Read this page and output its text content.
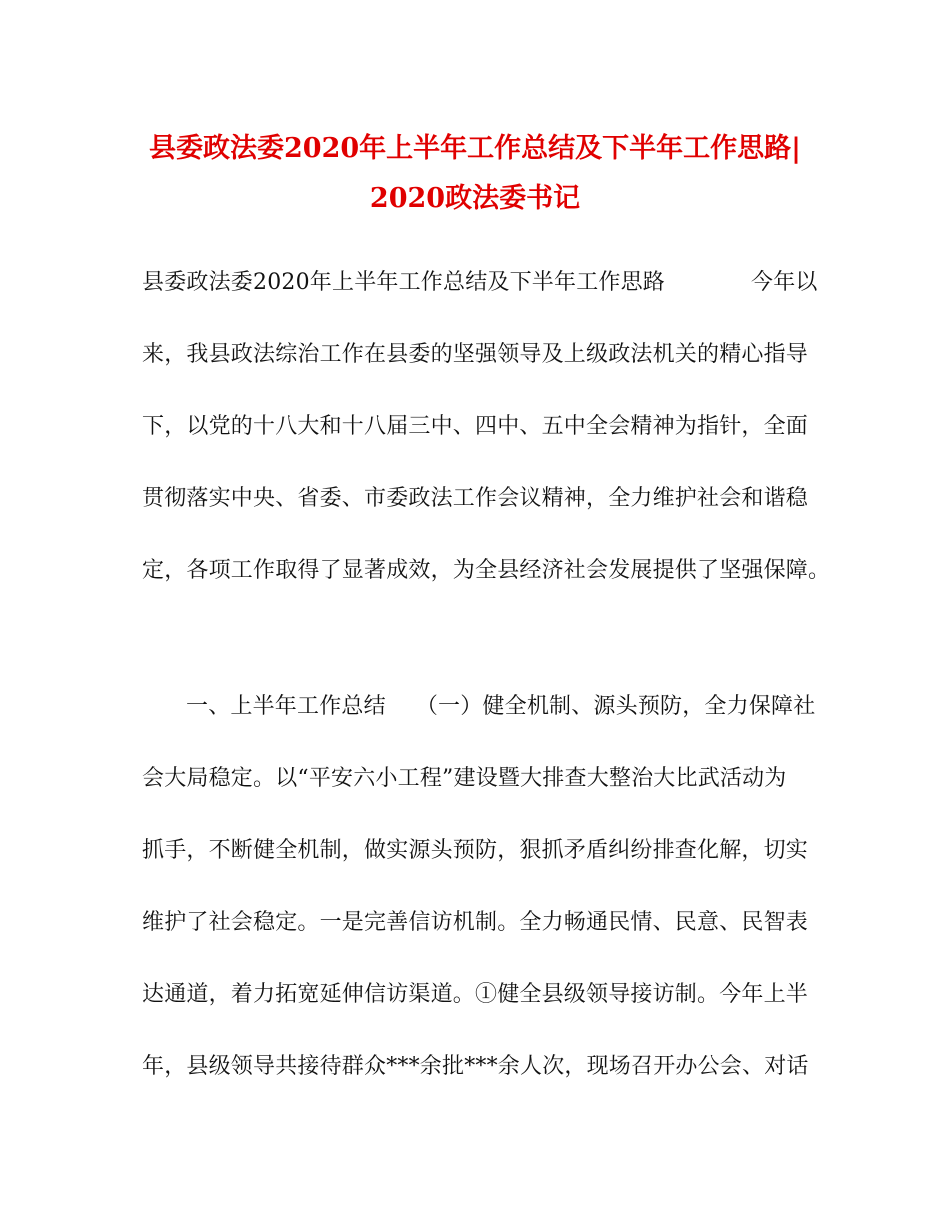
县委政法委2020年上半年工作总结及下半年工作思路|
2020政法委书记
县委政法委2020年上半年工作总结及下半年工作思路	今年以
来，我县政法综治工作在县委的坚强领导及上级政法机关的精心指导
下，以党的十八大和十八届三中、四中、五中全会精神为指针，全面
贯彻落实中央、省委、市委政法工作会议精神，全力维护社会和谐稳
定，各项工作取得了显著成效，为全县经济社会发展提供了坚强保障。
一、上半年工作总结 （一）健全机制、源头预防，全力保障社
会大局稳定。以“平安六小工程”建设暨大排查大整治大比武活动为
抓手，不断健全机制，做实源头预防，狠抓矛盾纠纷排查化解，切实
维护了社会稳定。一是完善信访机制。全力畅通民情、民意、民智表
达通道，着力拓宽延伸信访渠道。①健全县级领导接访制。今年上半
年，县级领导共接待群众***余批***余人次，现场召开办公会、对话
